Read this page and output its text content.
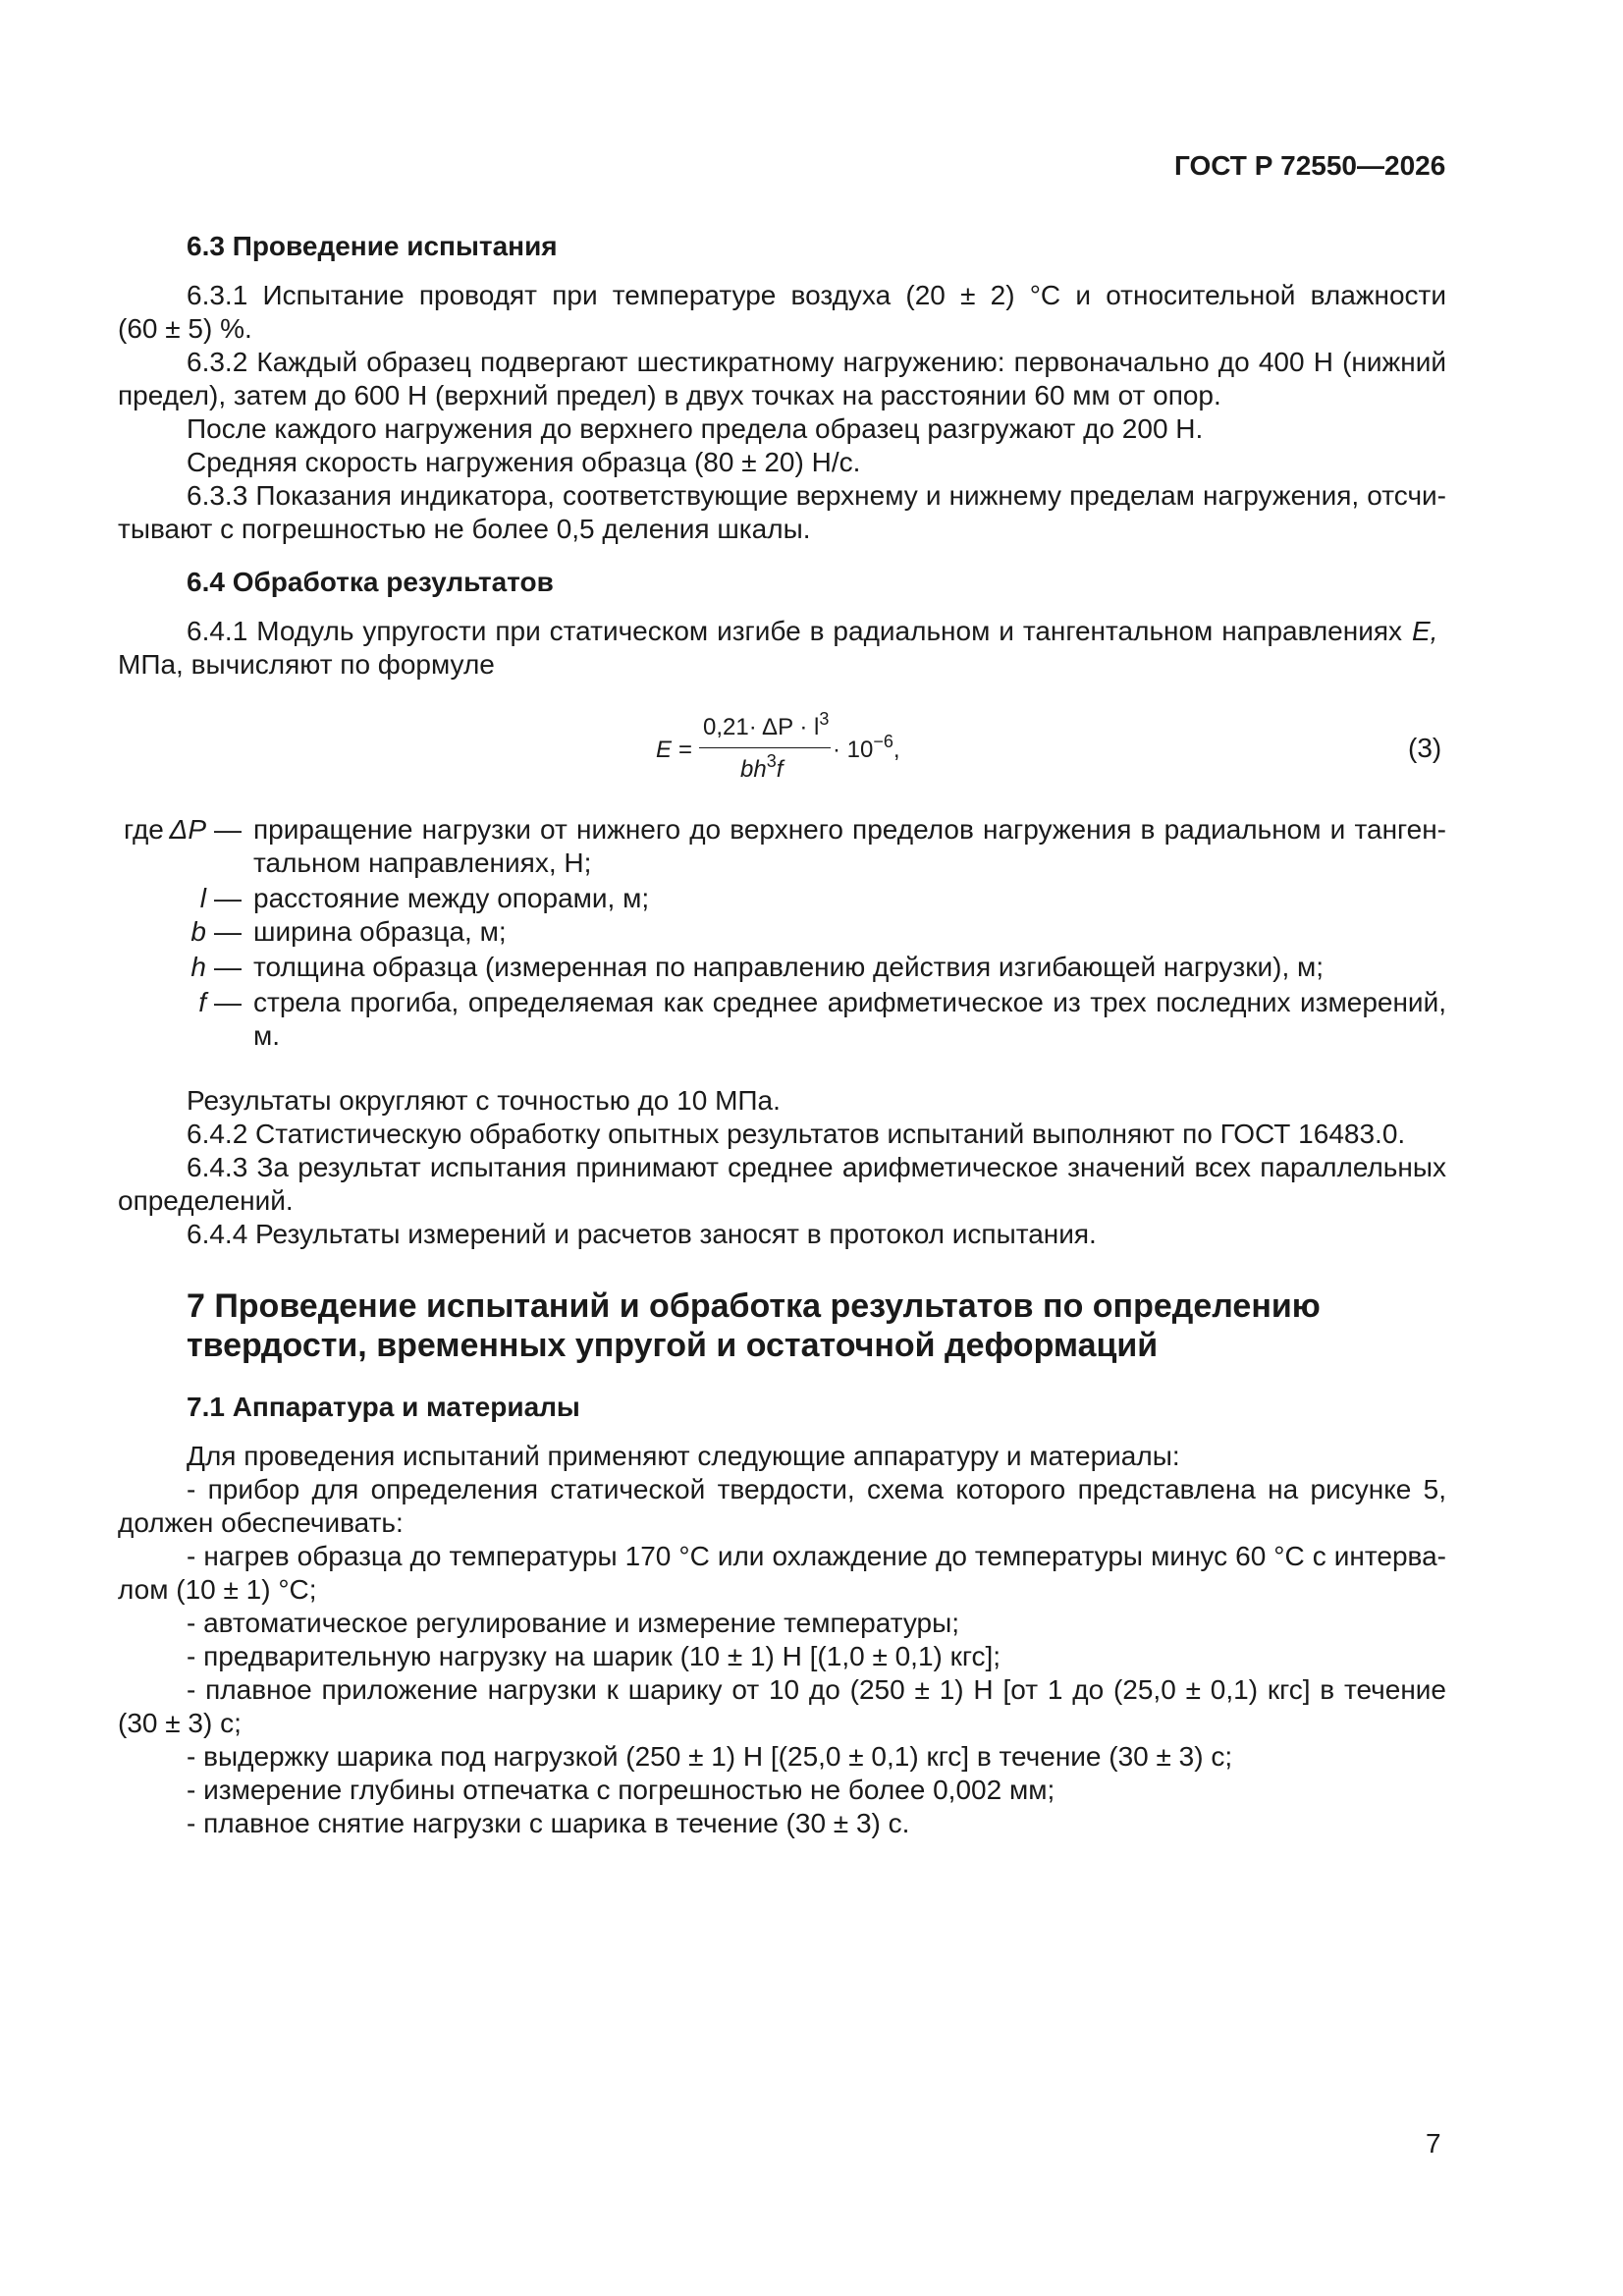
ГОСТ Р 72550—2026
6.3 Проведение испытания
6.3.1 Испытание проводят при температуре воздуха (20 ± 2) °С и относительной влажности
(60 ± 5) %.
6.3.2 Каждый образец подвергают шестикратному нагружению: первоначально до 400 Н (нижний
предел), затем до 600 Н (верхний предел) в двух точках на расстоянии 60 мм от опор.
После каждого нагружения до верхнего предела образец разгружают до 200 Н.
Средняя скорость нагружения образца (80 ± 20) Н/с.
6.3.3 Показания индикатора, соответствующие верхнему и нижнему пределам нагружения, отсчи-
тывают с погрешностью не более 0,5 деления шкалы.
6.4 Обработка результатов
6.4.1 Модуль упругости при статическом изгибе в радиальном и тангентальном направлениях E,
МПа, вычисляют по формуле
E =
$0,21\cdot \Delta P \cdot l^3$
$bh^3f$
· $10^{-6}$,	(3)
где ΔP — приращение нагрузки от нижнего до верхнего пределов нагружения в радиальном и танген-
тальном направлениях, Н;
l — расстояние между опорами, м;
b — ширина образца, м;
h — толщина образца (измеренная по направлению действия изгибающей нагрузки), м;
f — стрела прогиба, определяемая как среднее арифметическое из трех последних измерений,
м.
Результаты округляют с точностью до 10 МПа.
6.4.2 Статистическую обработку опытных результатов испытаний выполняют по ГОСТ 16483.0.
6.4.3 За результат испытания принимают среднее арифметическое значений всех параллельных
определений.
6.4.4 Результаты измерений и расчетов заносят в протокол испытания.
7 Проведение испытаний и обработка результатов по определению
твердости, временных упругой и остаточной деформаций
7.1 Аппаратура и материалы
Для проведения испытаний применяют следующие аппаратуру и материалы:
- прибор для определения статической твердости, схема которого представлена на рисунке 5,
должен обеспечивать:
- нагрев образца до температуры 170 °С или охлаждение до температуры минус 60 °С с интерва-
лом (10 ± 1) °С;
- автоматическое регулирование и измерение температуры;
- предварительную нагрузку на шарик (10 ± 1) Н [(1,0 ± 0,1) кгс];
- плавное приложение нагрузки к шарику от 10 до (250 ± 1) Н [от 1 до (25,0 ± 0,1) кгс] в течение
(30 ± 3) с;
- выдержку шарика под нагрузкой (250 ± 1) Н [(25,0 ± 0,1) кгс] в течение (30 ± 3) с;
- измерение глубины отпечатка с погрешностью не более 0,002 мм;
- плавное снятие нагрузки с шарика в течение (30 ± 3) с.
7
